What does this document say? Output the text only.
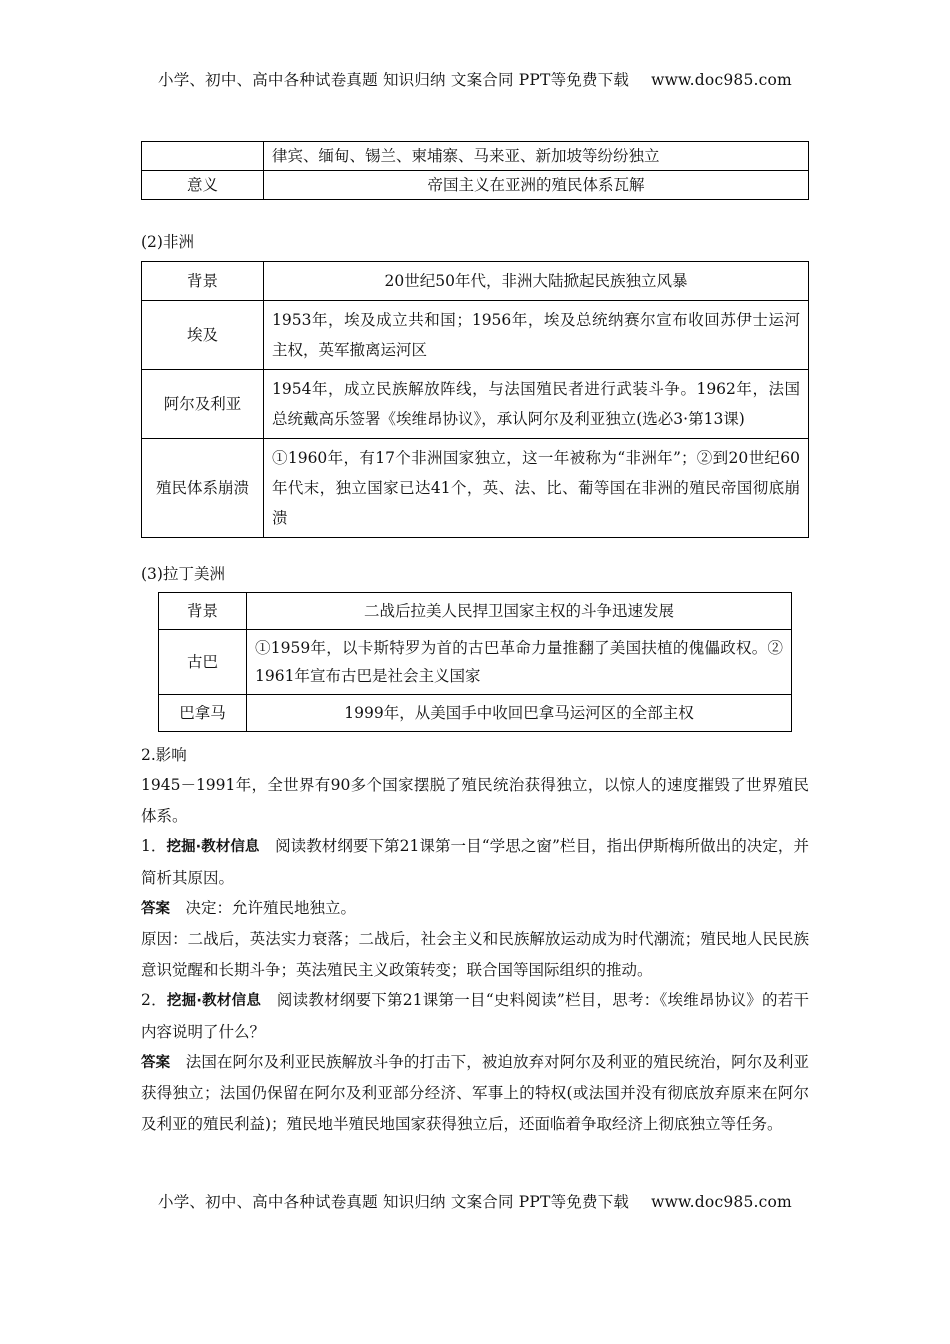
小学、初中、高中各种试卷真题 知识归纳 文案合同 PPT等免费下载 www.doc985.com
	律宾、缅甸、锡兰、柬埔寨、马来亚、新加坡等纷纷独立
意义	帝国主义在亚洲的殖民体系瓦解
(2)非洲
背景	20世纪50年代，非洲大陆掀起民族独立风暴
埃及	1953年，埃及成立共和国；1956年，埃及总统纳赛尔宣布收回苏伊士运河主权，英军撤离运河区
阿尔及利亚	1954年，成立民族解放阵线，与法国殖民者进行武装斗争。1962年，法国总统戴高乐签署《埃维昂协议》，承认阿尔及利亚独立(选必3·第13课)
殖民体系崩溃	①1960年，有17个非洲国家独立，这一年被称为“非洲年”；②到20世纪60年代末，独立国家已达41个，英、法、比、葡等国在非洲的殖民帝国彻底崩溃
(3)拉丁美洲
背景	二战后拉美人民捍卫国家主权的斗争迅速发展
古巴	①1959年，以卡斯特罗为首的古巴革命力量推翻了美国扶植的傀儡政权。② 1961年宣布古巴是社会主义国家
巴拿马	1999年，从美国手中收回巴拿马运河区的全部主权

2.影响

1945－1991年，全世界有90多个国家摆脱了殖民统治获得独立，以惊人的速度摧毁了世界殖民体系。

1．挖掘·教材信息  阅读教材纲要下第21课第一目“学思之窗”栏目，指出伊斯梅所做出的决定，并简析其原因。

答案  决定：允许殖民地独立。

原因：二战后，英法实力衰落；二战后，社会主义和民族解放运动成为时代潮流；殖民地人民民族意识觉醒和长期斗争；英法殖民主义政策转变；联合国等国际组织的推动。

2．挖掘·教材信息  阅读教材纲要下第21课第一目“史料阅读”栏目，思考：《埃维昂协议》的若干内容说明了什么？

答案  法国在阿尔及利亚民族解放斗争的打击下，被迫放弃对阿尔及利亚的殖民统治，阿尔及利亚获得独立；法国仍保留在阿尔及利亚部分经济、军事上的特权(或法国并没有彻底放弃原来在阿尔及利亚的殖民利益)；殖民地半殖民地国家获得独立后，还面临着争取经济上彻底独立等任务。

小学、初中、高中各种试卷真题 知识归纳 文案合同 PPT等免费下载 www.doc985.com
